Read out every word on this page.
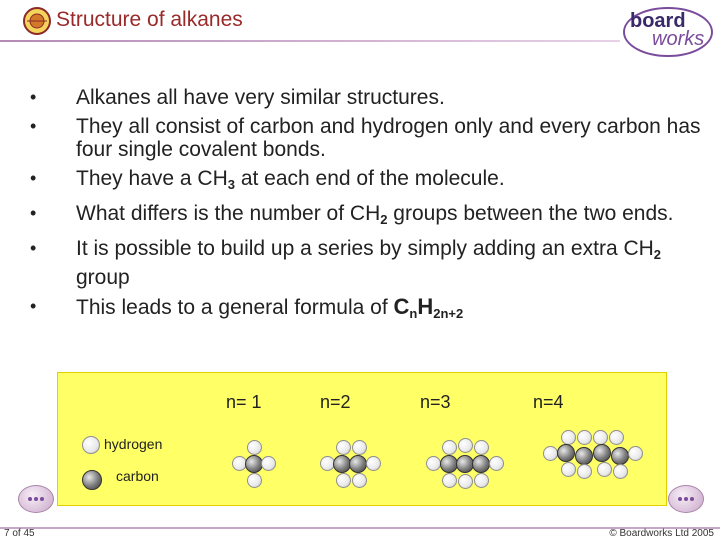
Structure of alkanes	board
works
• Alkanes all have very similar structures.
• They all consist of carbon and hydrogen only and every carbon has four single covalent bonds.
• They have a $CH_3$ at each end of the molecule.
• What differs is the number of $CH_2$ groups between the two ends.
• It is possible to build up a series by simply adding an extra $CH_2$ group
• This leads to a general formula of $C_nH_{2n+2}$
n= 1	n=2	n=3	n=4
hydrogen
carbon
7 of 45	© Boardworks Ltd 2005
